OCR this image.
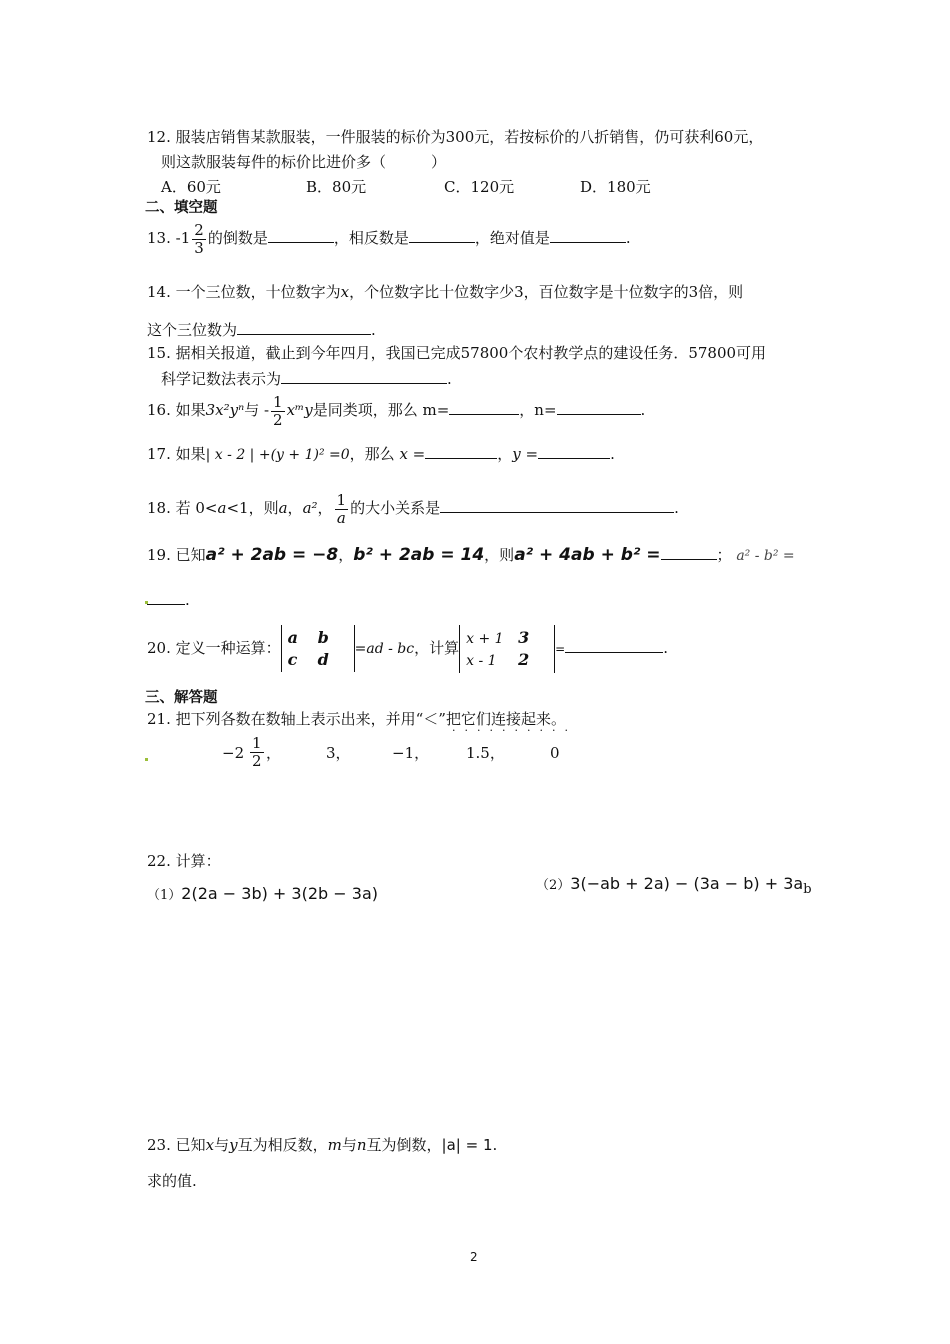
12. 服装店销售某款服装，一件服装的标价为300元，若按标价的八折销售，仍可获利60元，
则这款服装每件的标价比进价多（　　　）
A．60元	B．80元	C．120元	D．180元
二、填空题
13. $-1 \frac{2}{3}$ 的倒数是	，相反数是	，绝对值是	.
14. 一个三位数，十位数字为x，个位数字比十位数字少3，百位数字是十位数字的3倍，则
这个三位数为	.
15. 据相关报道，截止到今年四月，我国已完成57800个农村教学点的建设任务．57800可用
科学记数法表示为	.
16. 如果3x²yⁿ与 - $\frac{1}{2}$ xᵐy是同类项，那么 m=	，n=	.
17. 如果| x - 2 | +(y + 1)² =0，那么 x =	，y =	.
18. 若 0<a<1，则a，a²， $\frac{1}{a}$ 的大小关系是	.
19. 已知a² + 2ab = −8，b² + 2ab = 14，则a² + 4ab + b² =	； a² - b² =
.
20. 定义一种运算：
a b
c d
=ad - bc，计算 x + 1 3
x - 1 2
=	.
三、解答题
21. 把下列各数在数轴上表示出来，并用“＜”把它们连接起来。
··········
$-2 \frac{1}{2}$ ，	3，	−1， 1.5，	0
22. 计算：
（1）2(2a − 3b) + 3(2b − 3a)	$(2)3(-ab + 2a) - (3a - b) + 3a_b$
23. 已知x与y互为相反数，m与n互为倒数，|a| = 1.
求的值.
2
